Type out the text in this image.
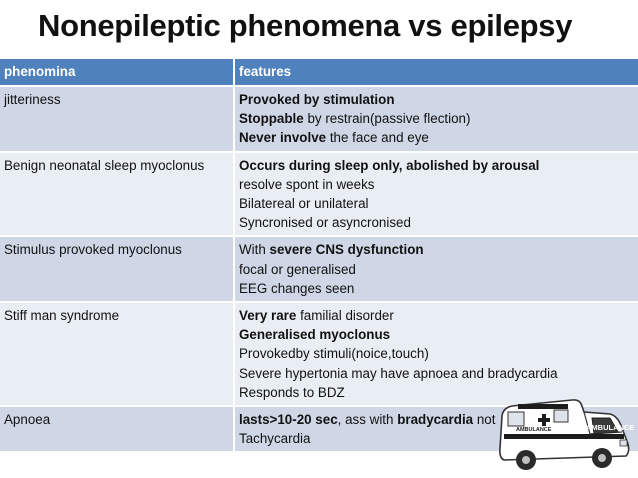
Nonepileptic phenomena vs epilepsy
phenomina	features
jitteriness	Provoked by stimulation
Stoppable by restrain(passive flection)
Never involve the face and eye

Benign neonatal sleep myoclonus	Occurs during sleep only, abolished by arousal
resolve spont in weeks
Bilatereal or unilateral
Syncronised or asyncronised

Stimulus provoked myoclonus	With severe CNS dysfunction
focal or generalised
EEG changes seen

Stiff man syndrome	Very rare familial disorder
Generalised myoclonus
Provokedby stimuli(noice,touch)
Severe hypertonia may have apnoea and bradycardia
Responds to BDZ

Apnoea	lasts>10-20 sec, ass with bradycardia not
Tachycardia
AMBULANCE	AMBULANCE
